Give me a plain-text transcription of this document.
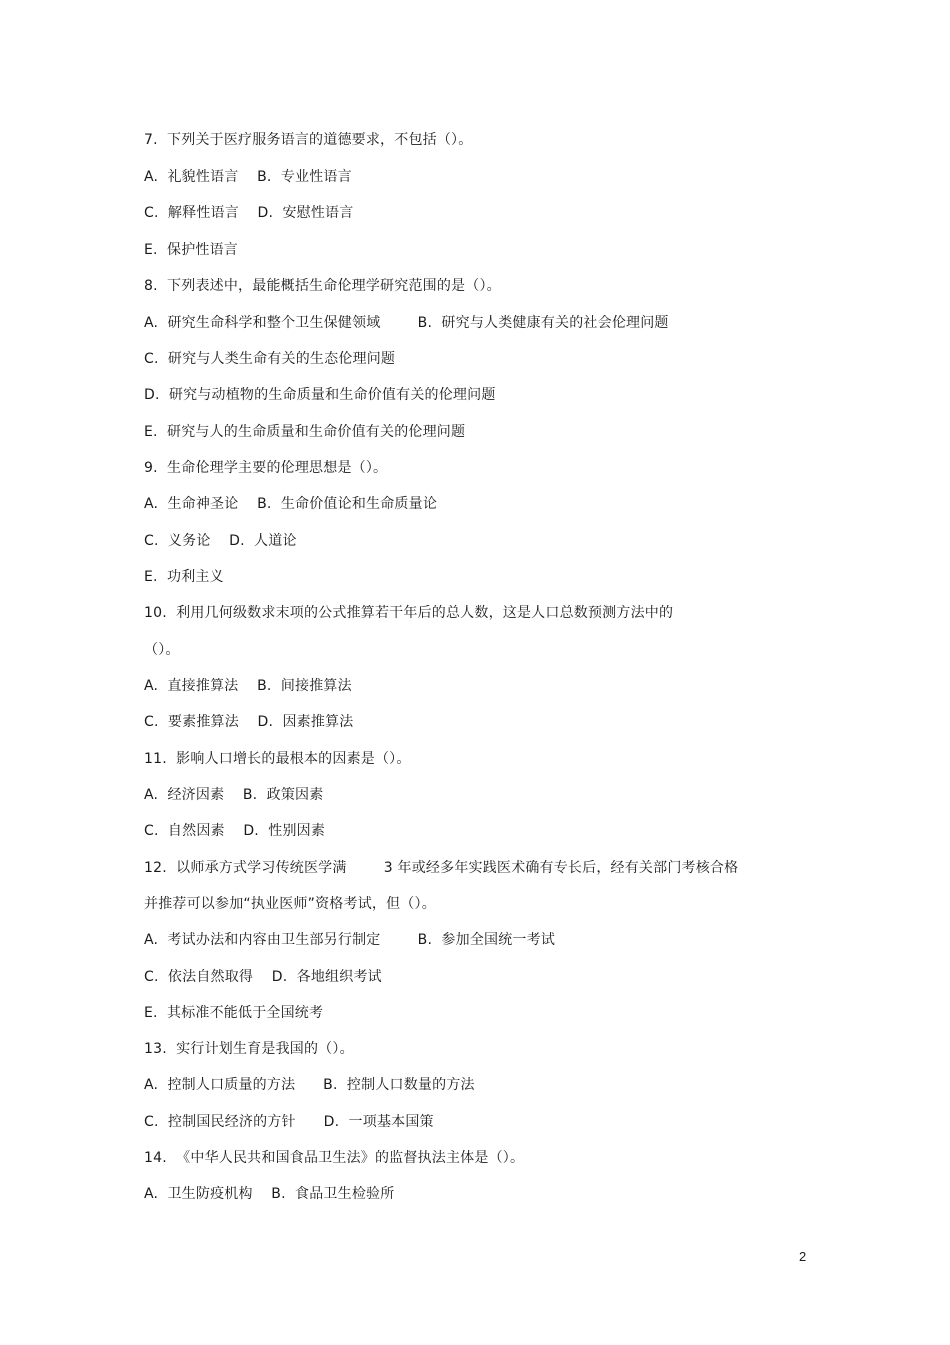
7.  下列关于医疗服务语言的道德要求，不包括（）。
A.  礼貌性语言    B.  专业性语言
C.  解释性语言    D.  安慰性语言
E.  保护性语言
8.  下列表述中，最能概括生命伦理学研究范围的是（）。
A.  研究生命科学和整个卫生保健领域        B.  研究与人类健康有关的社会伦理问题
C.  研究与人类生命有关的生态伦理问题
D.  研究与动植物的生命质量和生命价值有关的伦理问题
E.  研究与人的生命质量和生命价值有关的伦理问题
9.  生命伦理学主要的伦理思想是（）。
A.  生命神圣论    B.  生命价值论和生命质量论
C.  义务论    D.  人道论
E.  功利主义
10.  利用几何级数求末项的公式推算若干年后的总人数，这是人口总数预测方法中的
（）。
A.  直接推算法    B.  间接推算法
C.  要素推算法    D.  因素推算法
11.  影响人口增长的最根本的因素是（）。
A.  经济因素    B.  政策因素
C.  自然因素    D.  性别因素
12.  以师承方式学习传统医学满        3 年或经多年实践医术确有专长后，经有关部门考核合格
并推荐可以参加“执业医师”资格考试，但（）。
A.  考试办法和内容由卫生部另行制定        B.  参加全国统一考试
C.  依法自然取得    D.  各地组织考试
E.  其标准不能低于全国统考
13.  实行计划生育是我国的（）。
A.  控制人口质量的方法      B.  控制人口数量的方法
C.  控制国民经济的方针      D.  一项基本国策
14.  《中华人民共和国食品卫生法》的监督执法主体是（）。
A.  卫生防疫机构    B.  食品卫生检验所
2
